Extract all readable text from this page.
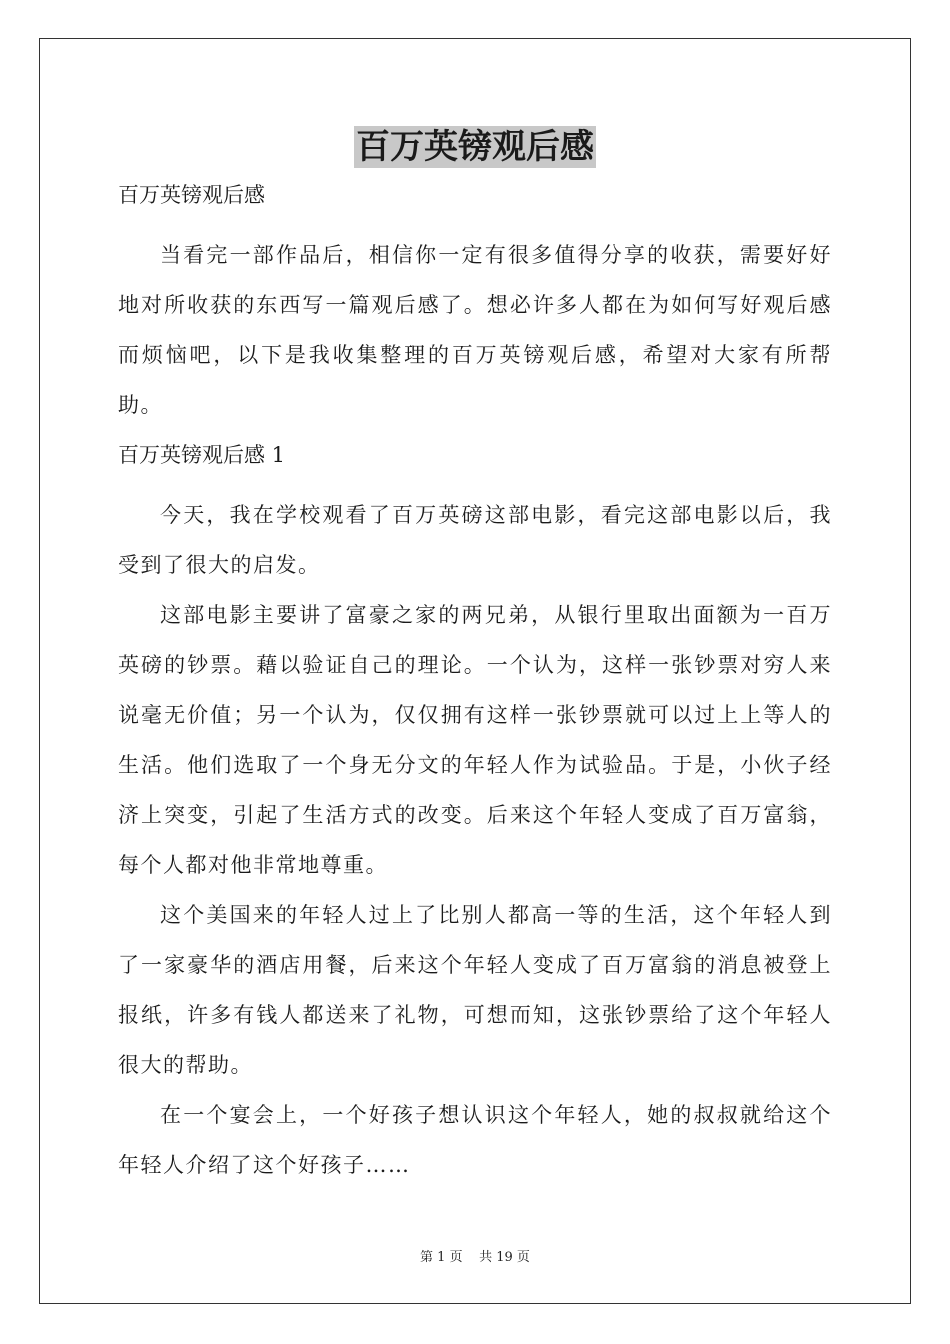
百万英镑观后感
百万英镑观后感

当看完一部作品后，相信你一定有很多值得分享的收获，需要好好地对所收获的东西写一篇观后感了。想必许多人都在为如何写好观后感而烦恼吧，以下是我收集整理的百万英镑观后感，希望对大家有所帮助。

百万英镑观后感 1

今天，我在学校观看了百万英磅这部电影，看完这部电影以后，我受到了很大的启发。

这部电影主要讲了富豪之家的两兄弟，从银行里取出面额为一百万英磅的钞票。藉以验证自己的理论。一个认为，这样一张钞票对穷人来说毫无价值；另一个认为，仅仅拥有这样一张钞票就可以过上上等人的生活。他们选取了一个身无分文的年轻人作为试验品。于是，小伙子经济上突变，引起了生活方式的改变。后来这个年轻人变成了百万富翁，每个人都对他非常地尊重。

这个美国来的年轻人过上了比别人都高一等的生活，这个年轻人到了一家豪华的酒店用餐，后来这个年轻人变成了百万富翁的消息被登上报纸，许多有钱人都送来了礼物，可想而知，这张钞票给了这个年轻人很大的帮助。

在一个宴会上，一个好孩子想认识这个年轻人，她的叔叔就给这个年轻人介绍了这个好孩子……

第 1 页 共 19 页
